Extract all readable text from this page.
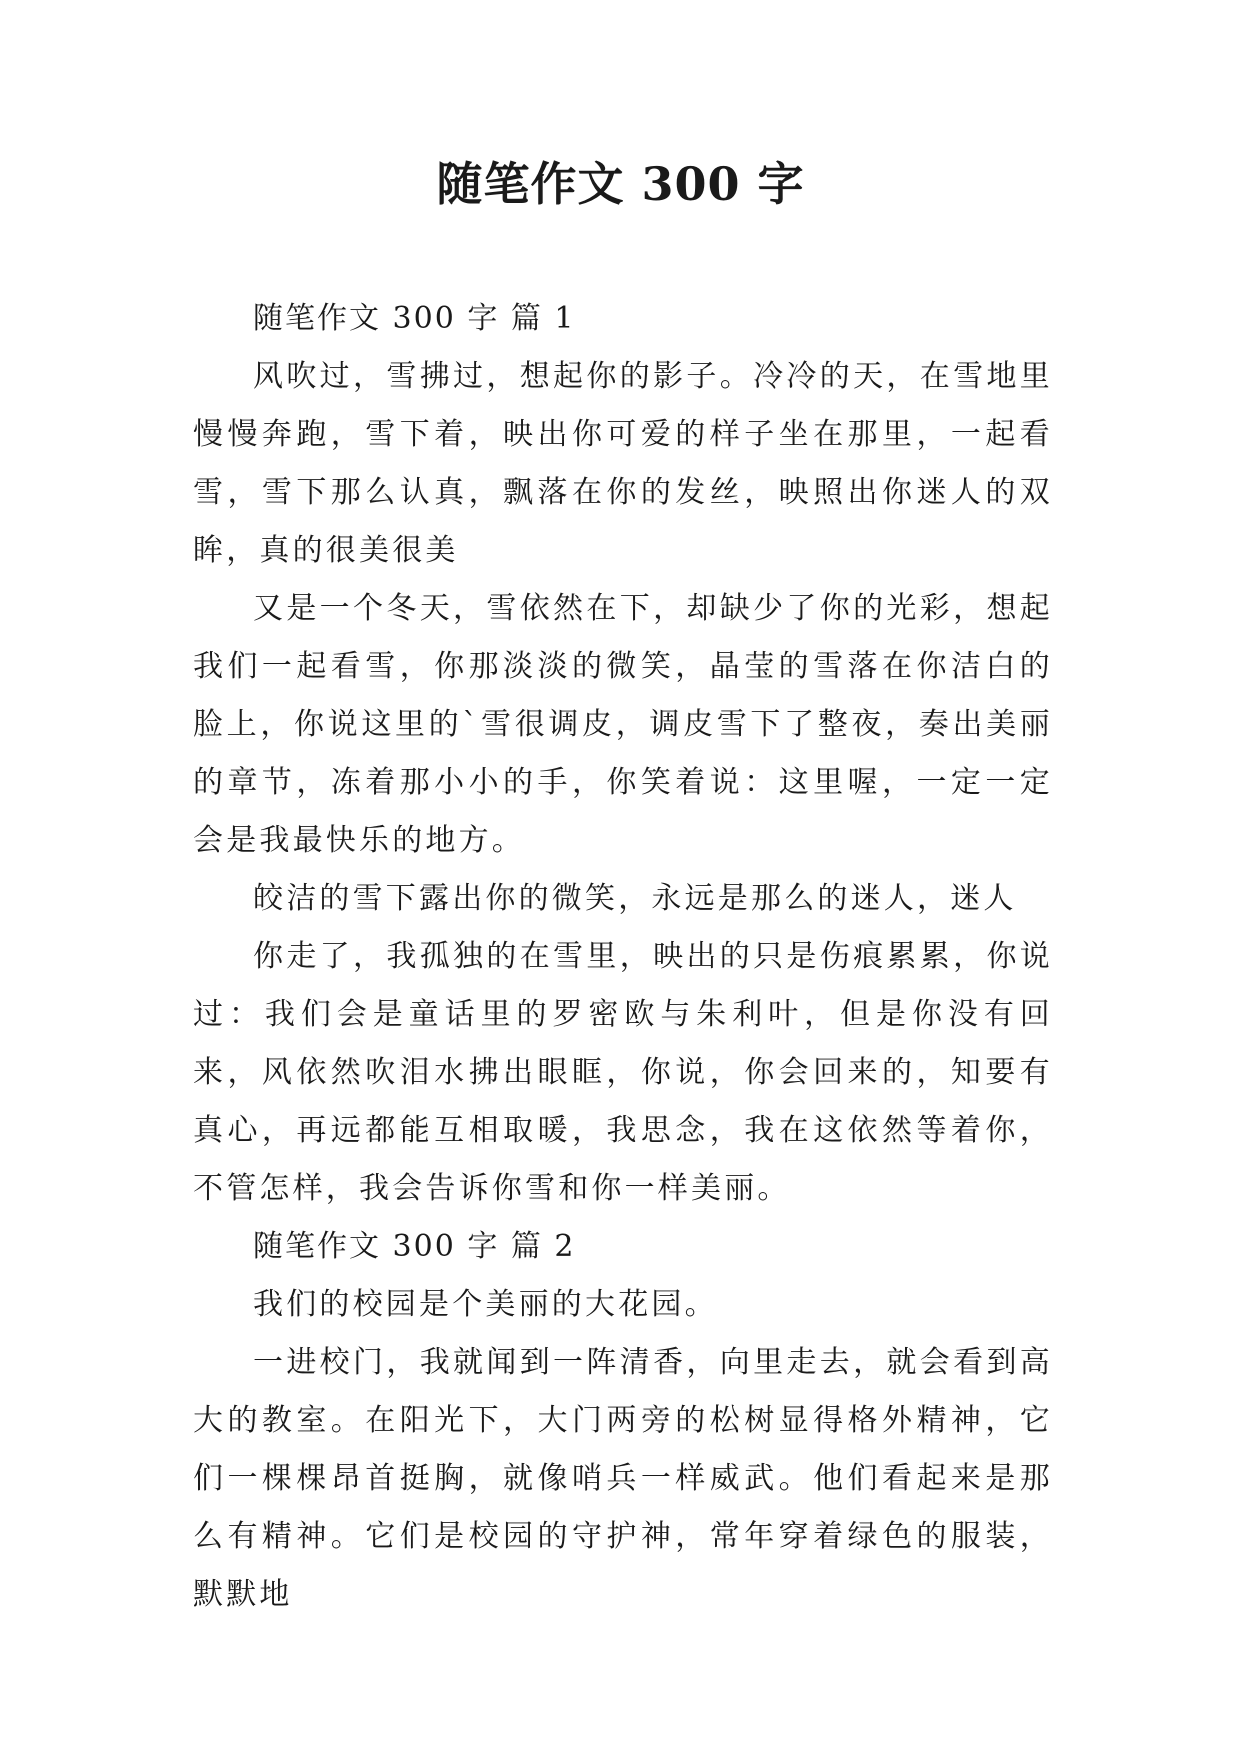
随笔作文 300 字

随笔作文 300 字 篇 1

风吹过，雪拂过，想起你的影子。冷冷的天，在雪地里慢慢奔跑，雪下着，映出你可爱的样子坐在那里，一起看雪，雪下那么认真，飘落在你的发丝，映照出你迷人的双眸，真的很美很美

又是一个冬天，雪依然在下，却缺少了你的光彩，想起我们一起看雪，你那淡淡的微笑，晶莹的雪落在你洁白的脸上，你说这里的`雪很调皮，调皮雪下了整夜，奏出美丽的章节，冻着那小小的手，你笑着说：这里喔，一定一定会是我最快乐的地方。

皎洁的雪下露出你的微笑，永远是那么的迷人，迷人

你走了，我孤独的在雪里，映出的只是伤痕累累，你说过：我们会是童话里的罗密欧与朱利叶，但是你没有回来，风依然吹泪水拂出眼眶，你说，你会回来的，知要有真心，再远都能互相取暖，我思念，我在这依然等着你，不管怎样，我会告诉你雪和你一样美丽。

随笔作文 300 字 篇 2

我们的校园是个美丽的大花园。

一进校门，我就闻到一阵清香，向里走去，就会看到高大的教室。在阳光下，大门两旁的松树显得格外精神，它们一棵棵昂首挺胸，就像哨兵一样威武。他们看起来是那么有精神。它们是校园的守护神，常年穿着绿色的服装，默默地
